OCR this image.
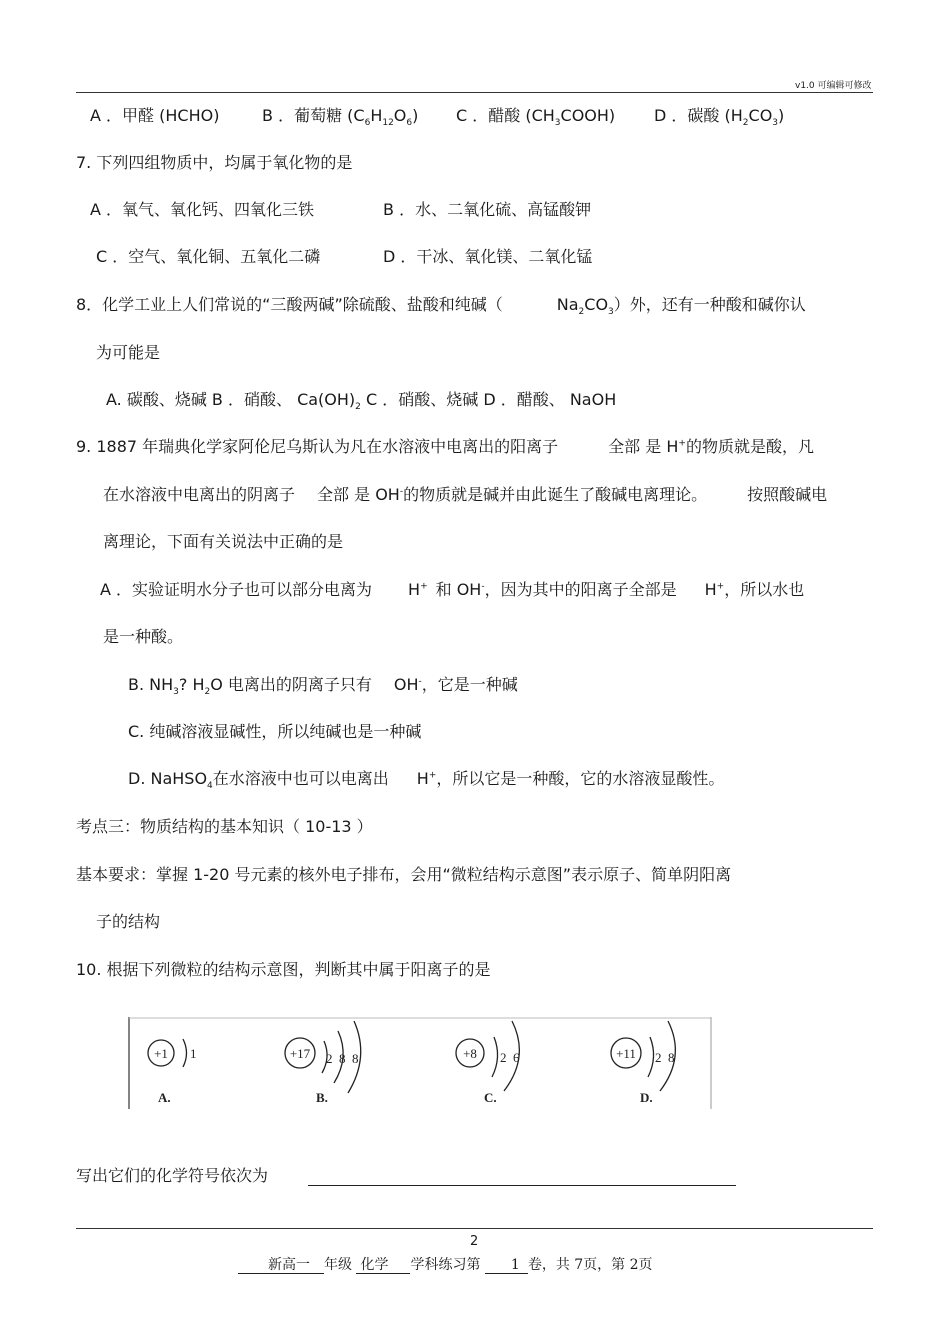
v1.0 可编辑可修改
A ．甲醛 (HCHO)	B ．葡萄糖 $(C_6H_{12}O_6)$ C ．醋酸 $(CH_3COOH)$ D ．碳酸 $(H_2CO_3)$
7. 下列四组物质中，均属于氧化物的是
A ．氧气、氧化钙、四氧化三铁	B ．水、二氧化硫、高锰酸钾
C ．空气、氧化铜、五氧化二磷	D ．干冰、氧化镁、二氧化锰
8．化学工业上人们常说的“三酸两碱”除硫酸、盐酸和纯碱（	$Na_2CO_3$）外，还有一种酸和碱你认
为可能是
A. 碳酸、烧碱 B ．硝酸、 $Ca(OH)_2$ C ．硝酸、烧碱 D ．醋酸、 NaOH
9. 1887 年瑞典化学家阿伦尼乌斯认为凡在水溶液中电离出的阳离子	全部 是 H+的物质就是酸，凡
在水溶液中电离出的阴离子 全部 是 OH-的物质就是碱并由此诞生了酸碱电离理论。	按照酸碱电
离理论，下面有关说法中正确的是
A ．实验证明水分子也可以部分电离为 H+ 和 OH-，因为其中的阳离子全部是 H+，所以水也
是一种酸。
B. $NH_3$? $H_2O$ 电离出的阴离子只有 OH-，它是一种碱
C. 纯碱溶液显碱性，所以纯碱也是一种碱
D. NaHSO$_4$在水溶液中也可以电离出 H+，所以它是一种酸，它的水溶液显酸性。
考点三：物质结构的基本知识（ 10-13 ）
基本要求：掌握 1-20 号元素的核外电子排布，会用“微粒结构示意图”表示原子、简单阴阳离
子的结构
10. 根据下列微粒的结构示意图，判断其中属于阳离子的是
+1 1
A.
+17 2  8  8
B.
+8 2  6
C.
+11 2  8
D.
写出它们的化学符号依次为
2
新高一 年级 化学 学科练习第 1 卷，共 7页，第 2页
